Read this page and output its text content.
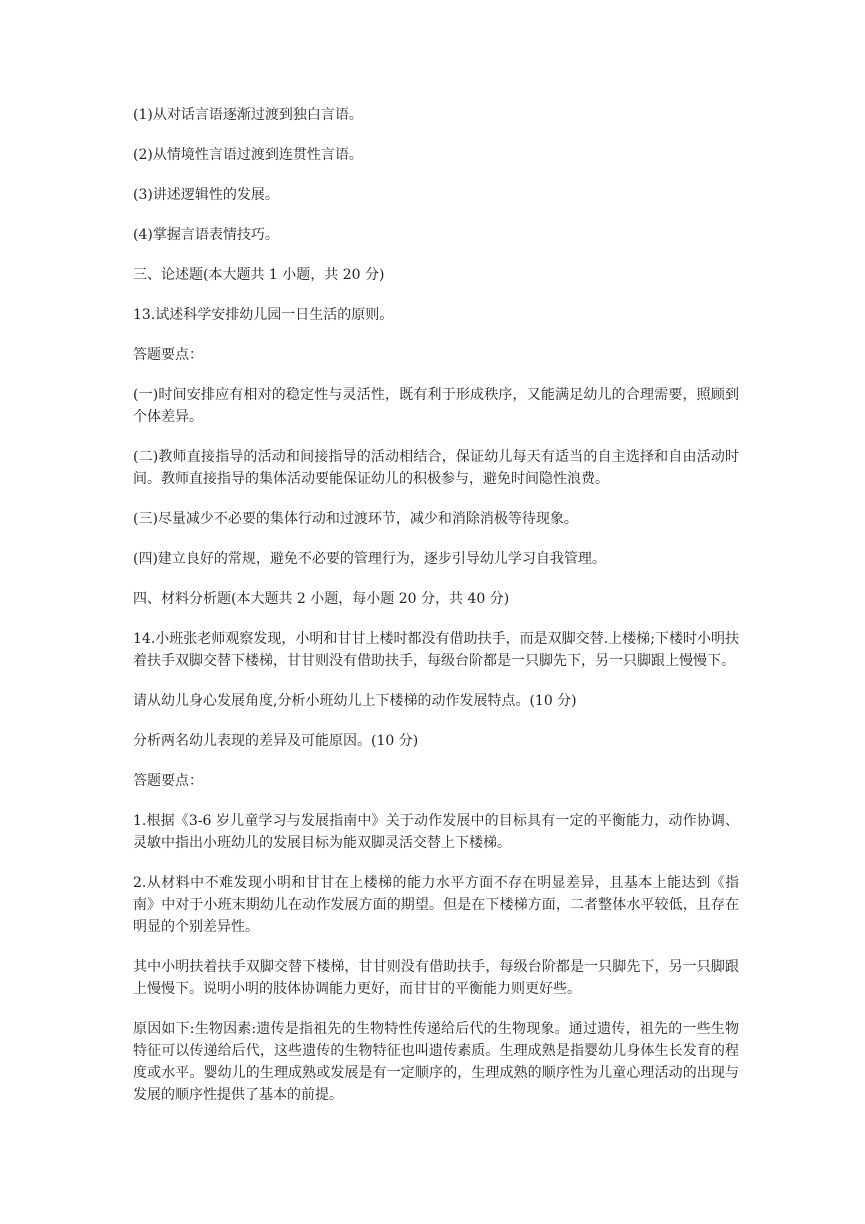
(1)从对话言语逐渐过渡到独白言语。

(2)从情境性言语过渡到连贯性言语。

(3)讲述逻辑性的发展。

(4)掌握言语表情技巧。

三、论述题(本大题共 1 小题，共 20 分)

13.试述科学安排幼儿园一日生活的原则。

答题要点：

(一)时间安排应有相对的稳定性与灵活性，既有利于形成秩序，又能满足幼儿的合理需要，照顾到个体差异。

(二)教师直接指导的活动和间接指导的活动相结合，保证幼儿每天有适当的自主选择和自由活动时间。教师直接指导的集体活动要能保证幼儿的积极参与，避免时间隐性浪费。

(三)尽量减少不必要的集体行动和过渡环节，减少和消除消极等待现象。

(四)建立良好的常规，避免不必要的管理行为，逐步引导幼儿学习自我管理。

四、材料分析题(本大题共 2 小题，每小题 20 分，共 40 分)

14.小班张老师观察发现，小明和甘甘上楼时都没有借助扶手，而是双脚交替.上楼梯;下楼时小明扶着扶手双脚交替下楼梯，甘甘则没有借助扶手，每级台阶都是一只脚先下，另一只脚跟上慢慢下。

请从幼儿身心发展角度,分析小班幼儿上下楼梯的动作发展特点。(10 分)

分析两名幼儿表现的差异及可能原因。(10 分)

答题要点：

1.根据《3-6 岁儿童学习与发展指南中》关于动作发展中的目标具有一定的平衡能力，动作协调、灵敏中指出小班幼儿的发展目标为能双脚灵活交替上下楼梯。

2.从材料中不难发现小明和甘甘在上楼梯的能力水平方面不存在明显差异，且基本上能达到《指南》中对于小班末期幼儿在动作发展方面的期望。但是在下楼梯方面，二者整体水平较低，且存在明显的个别差异性。

其中小明扶着扶手双脚交替下楼梯，甘甘则没有借助扶手，每级台阶都是一只脚先下，另一只脚跟上慢慢下。说明小明的肢体协调能力更好，而甘甘的平衡能力则更好些。

原因如下:生物因素:遗传是指祖先的生物特性传递给后代的生物现象。通过遗传，祖先的一些生物特征可以传递给后代，这些遗传的生物特征也叫遗传素质。生理成熟是指婴幼儿身体生长发育的程度或水平。婴幼儿的生理成熟或发展是有一定顺序的，生理成熟的顺序性为儿童心理活动的出现与发展的顺序性提供了基本的前提。
